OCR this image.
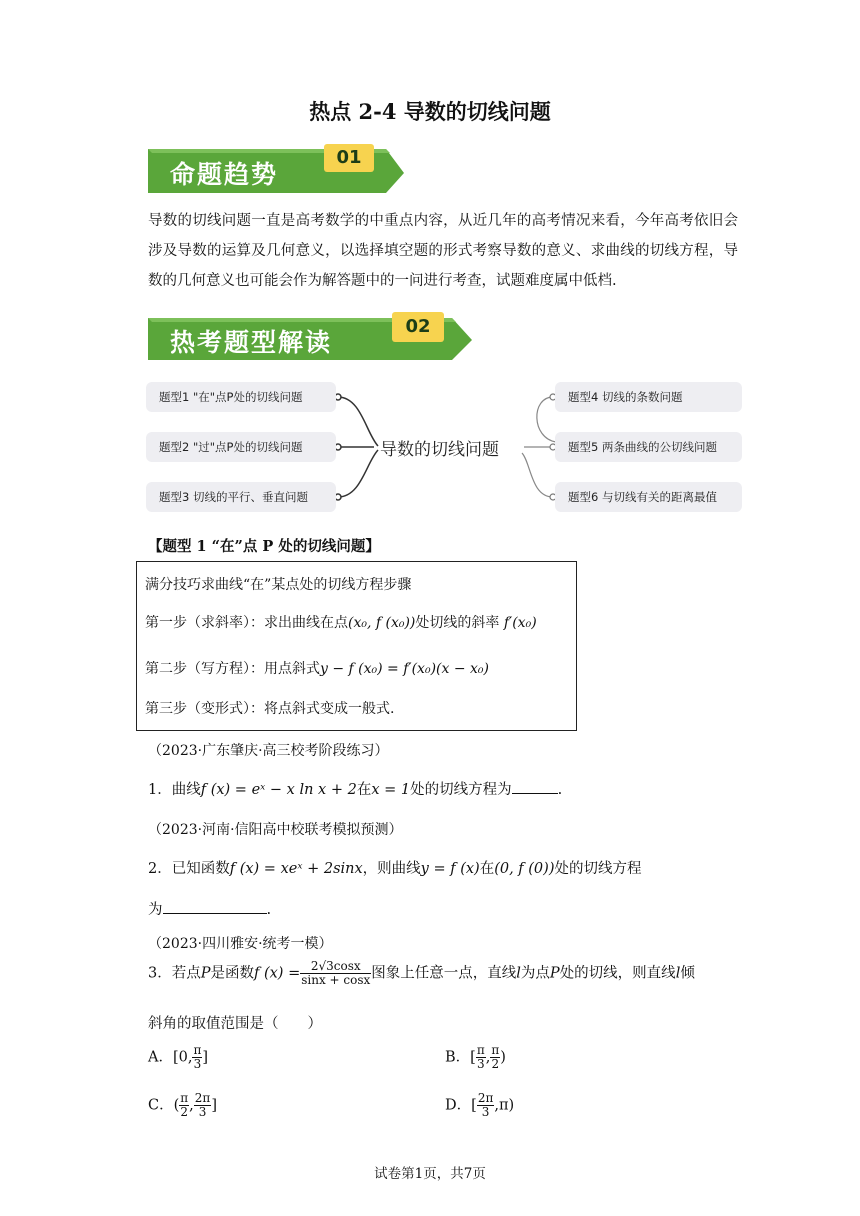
热点 2-4 导数的切线问题
命题趋势
01
导数的切线问题一直是高考数学的中重点内容，从近几年的高考情况来看，今年高考依旧会涉及导数的运算及几何意义，以选择填空题的形式考察导数的意义、求曲线的切线方程，导数的几何意义也可能会作为解答题中的一问进行考查，试题难度属中低档.
热考题型解读
02
题型1 "在"点P处的切线问题
题型2 "过"点P处的切线问题
题型3 切线的平行、垂直问题
导数的切线问题
题型4 切线的条数问题
题型5 两条曲线的公切线问题
题型6 与切线有关的距离最值
【题型 1 “在”点 P 处的切线问题】
满分技巧求曲线“在”某点处的切线方程步骤
第一步（求斜率）：求出曲线在点(x₀, f (x₀))处切线的斜率 f′(x₀)
第二步（写方程）：用点斜式y − f (x₀) = f′(x₀)(x − x₀)
第三步（变形式）：将点斜式变成一般式.
（2023·广东肇庆·高三校考阶段练习）
1．曲线f (x) = eˣ − x ln x + 2在x = 1处的切线方程为	.
（2023·河南·信阳高中校联考模拟预测）
2．已知函数f (x) = xeˣ + 2sinx，则曲线y = f (x)在(0, f (0))处的切线方程
为	.
（2023·四川雅安·统考一模）
3．若点P是函数f $(x) = \frac{2√3\cos x}{\sin x + \cos x}$ 图象上任意一点，直线l为点P处的切线，则直线l倾
斜角的取值范围是（　　）
A．[0, $\frac{\pi}{3}$ ]	B．[ $\frac{\pi}{3}$ , $\frac{\pi}{2}$ )
C．( $\frac{\pi}{2}$ , $\frac{2\pi}{3}$ ]	D．[ $\frac{2\pi}{3} ,\pi$)
试卷第1页，共7页
